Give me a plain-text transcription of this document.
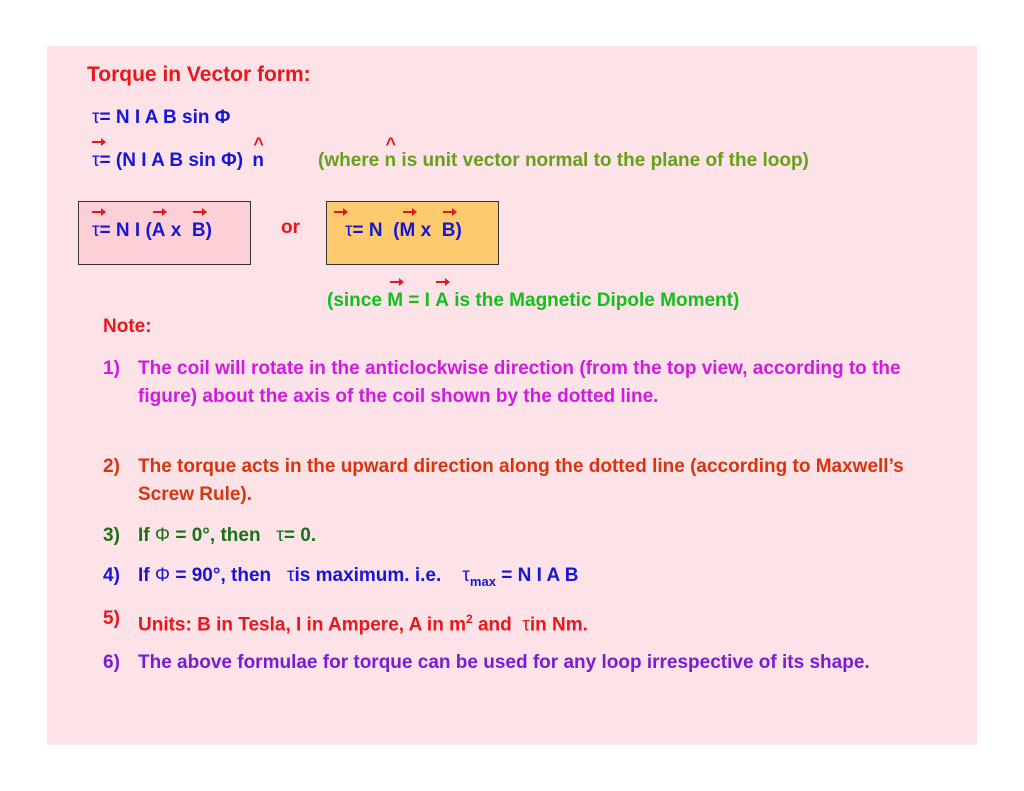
Torque in Vector form:
τ= N I A B sin Φ
τ= (N I A B sin Φ)
^
n	(where
^
n is unit vector normal to the plane of the loop)
τ= N I (
A x
B)	or τ= N  (
M x
B)
(since M = I A is the Magnetic Dipole Moment)
Note:
1) The coil will rotate in the anticlockwise direction (from the top view, according to the figure) about the axis of the coil shown by the dotted line.
2) The torque acts in the upward direction along the dotted line (according to Maxwell’s Screw Rule).
3) If Φ = 0°, then τ= 0.
4) If Φ = 90°, then τis maximum. i.e. $\tau_{max} = N$ I A B
5) Units: B in Tesla, I in Ampere, A in $m^2$ and τin Nm.
6) The above formulae for torque can be used for any loop irrespective of its shape.
